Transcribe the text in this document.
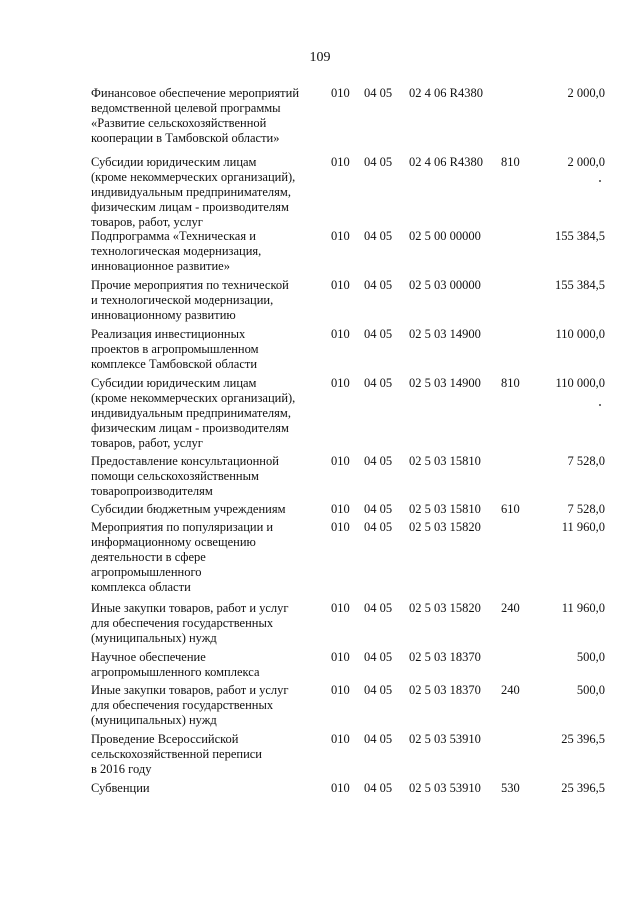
109
Финансовое обеспечение мероприятий
ведомственной целевой программы
«Развитие сельскохозяйственной
кооперации в Тамбовской области»
010	04 05	02 4 06 R4380	2 000,0
Субсидии юридическим лицам
(кроме некоммерческих организаций),
индивидуальным предпринимателям,
физическим лицам - производителям
товаров, работ, услуг
010	04 05	02 4 06 R4380	810	2 000,0
Подпрограмма «Техническая и
технологическая модернизация,
инновационное развитие»
010	04 05	02 5 00 00000	155 384,5
Прочие мероприятия по технической
и технологической модернизации,
инновационному развитию
010	04 05	02 5 03 00000	155 384,5
Реализация инвестиционных
проектов в агропромышленном
комплексе Тамбовской области
010	04 05	02 5 03 14900	110 000,0
Субсидии юридическим лицам
(кроме некоммерческих организаций),
индивидуальным предпринимателям,
физическим лицам - производителям
товаров, работ, услуг
010	04 05	02 5 03 14900	810	110 000,0
Предоставление консультационной
помощи сельскохозяйственным
товаропроизводителям
010	04 05	02 5 03 15810	7 528,0
Субсидии бюджетным учреждениям	010	04 05	02 5 03 15810	610	7 528,0
Мероприятия по популяризации и
информационному освещению
деятельности в сфере
агропромышленного
комплекса области
010	04 05	02 5 03 15820	11 960,0
Иные закупки товаров, работ и услуг
для обеспечения государственных
(муниципальных) нужд
010	04 05	02 5 03 15820	240	11 960,0
Научное обеспечение
агропромышленного комплекса
010	04 05	02 5 03 18370	500,0
Иные закупки товаров, работ и услуг
для обеспечения государственных
(муниципальных) нужд
010	04 05	02 5 03 18370	240	500,0
Проведение Всероссийской
сельскохозяйственной переписи
в 2016 году
010	04 05	02 5 03 53910	25 396,5
Субвенции	010	04 05	02 5 03 53910	530	25 396,5
